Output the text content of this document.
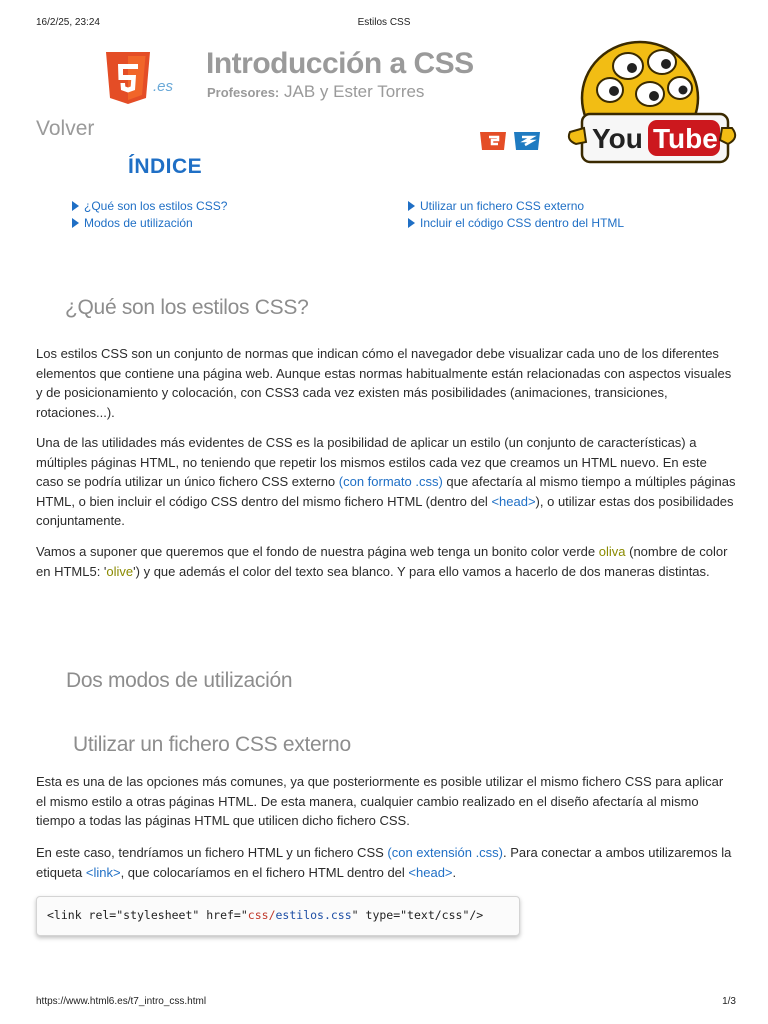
16/2/25, 23:24	Estilos CSS
.es
Introducción a CSS
Profesores: JAB y Ester Torres
Volver	You Tube
ÍNDICE
¿Qué son los estilos CSS?
Modos de utilización
Utilizar un fichero CSS externo
Incluir el código CSS dentro del HTML
¿Qué son los estilos CSS?

Los estilos CSS son un conjunto de normas que indican cómo el navegador debe visualizar cada uno de los diferentes elementos que contiene una página web. Aunque estas normas habitualmente están relacionadas con aspectos visuales y de posicionamiento y colocación, con CSS3 cada vez existen más posibilidades (animaciones, transiciones, rotaciones...).

Una de las utilidades más evidentes de CSS es la posibilidad de aplicar un estilo (un conjunto de características) a múltiples páginas HTML, no teniendo que repetir los mismos estilos cada vez que creamos un HTML nuevo. En este caso se podría utilizar un único fichero CSS externo (con formato .css) que afectaría al mismo tiempo a múltiples páginas HTML, o bien incluir el código CSS dentro del mismo fichero HTML (dentro del <head>), o utilizar estas dos posibilidades conjuntamente.

Vamos a suponer que queremos que el fondo de nuestra página web tenga un bonito color verde oliva (nombre de color en HTML5: 'olive') y que además el color del texto sea blanco. Y para ello vamos a hacerlo de dos maneras distintas.

Dos modos de utilización
Utilizar un fichero CSS externo

Esta es una de las opciones más comunes, ya que posteriormente es posible utilizar el mismo fichero CSS para aplicar el mismo estilo a otras páginas HTML. De esta manera, cualquier cambio realizado en el diseño afectaría al mismo tiempo a todas las páginas HTML que utilicen dicho fichero CSS.

En este caso, tendríamos un fichero HTML y un fichero CSS (con extensión .css). Para conectar a ambos utilizaremos la etiqueta <link>, que colocaríamos en el fichero HTML dentro del <head>.

<link rel="stylesheet" href="css/estilos.css" type="text/css"/>
https://www.html6.es/t7_intro_css.html	1/3
